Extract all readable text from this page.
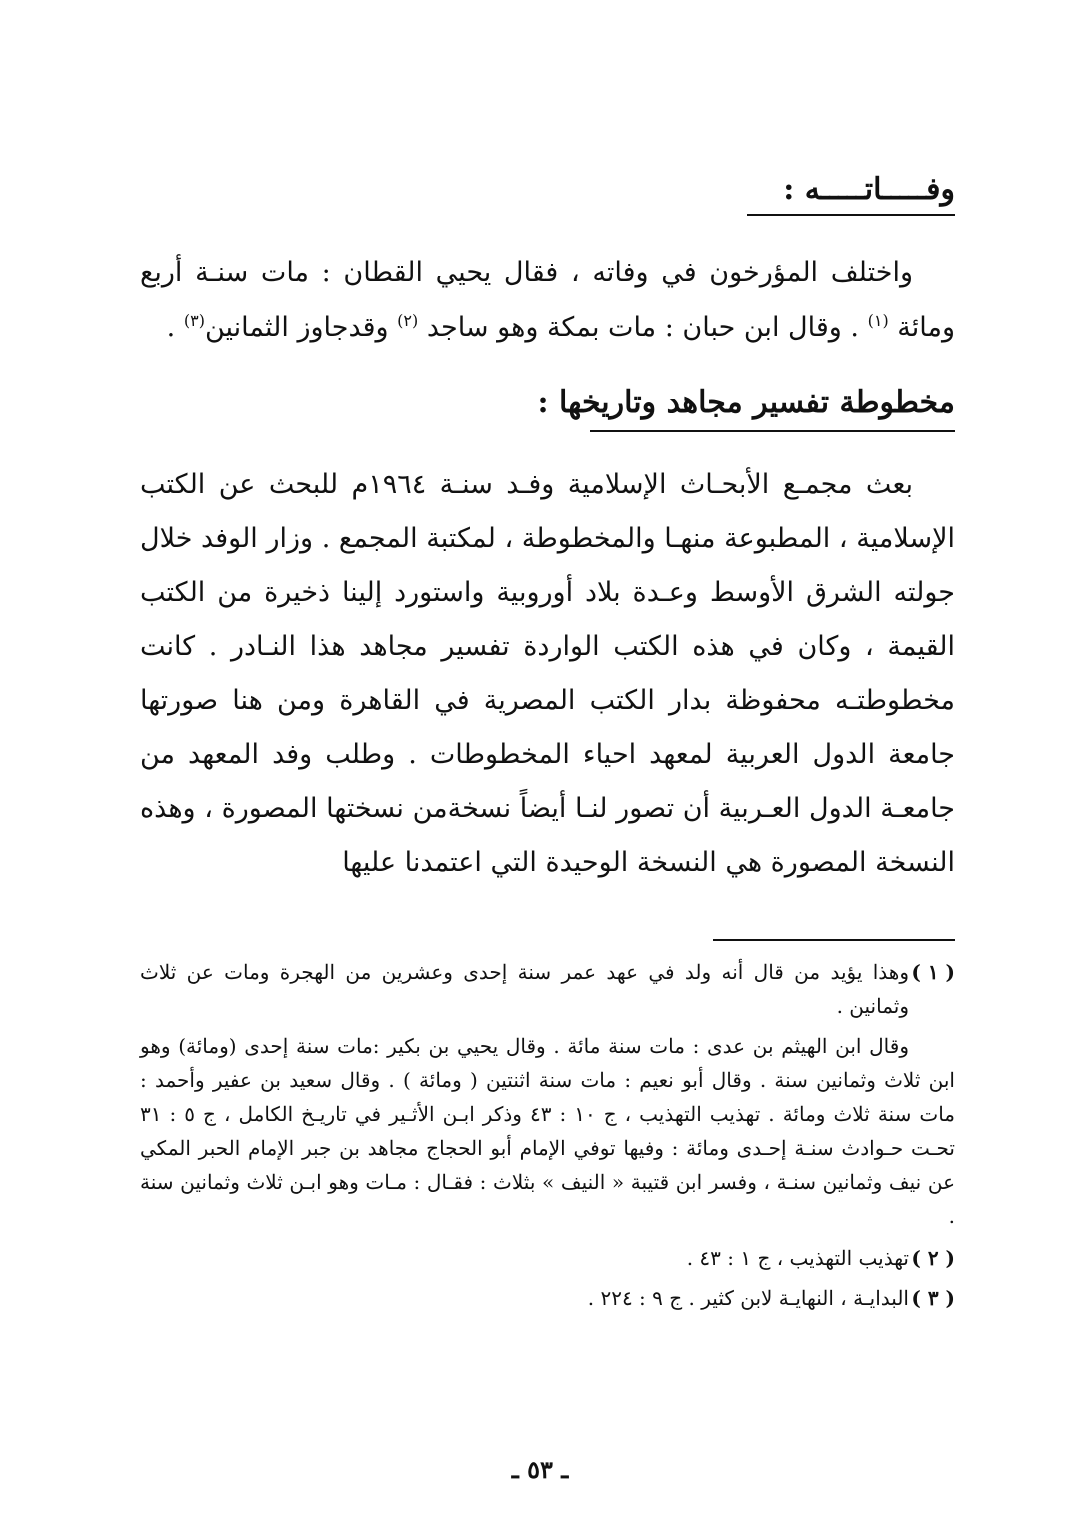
وفـــــاتـــــه :
واختلف المؤرخون في وفاته ، فقال يحيي القطان : مات سنـة أربع ومائة $^{(١)}$ . وقال ابن حبان : مات بمكة وهو ساجد $^{(٢)}$ وقدجاوز الثمانين$^{(٣)}$ .
مخطوطة تفسير مجاهد وتاريخها :
بعث مجمـع الأبحـاث الإسلامية وفـد سنـة ١٩٦٤م للبحث عن الكتب الإسلامية ، المطبوعة منهـا والمخطوطة ، لمكتبة المجمع . وزار الوفد خلال جولته الشرق الأوسط وعـدة بلاد أوروبية واستورد إلينا ذخيرة من الكتب القيمة ، وكان في هذه الكتب الواردة تفسير مجاهد هذا النـادر . كانت مخطوطتـه محفوظة بدار الكتب المصرية في القاهرة ومن هنا صورتها جامعة الدول العربية لمعهد احياء المخطوطات . وطلب وفد المعهد من جامعـة الدول العـربية أن تصور لنـا أيضاً نسخةمن نسختها المصورة ، وهذه النسخة المصورة هي النسخة الوحيدة التي اعتمدنا عليها
( ١ )
وهذا يؤيد من قال أنه ولد في عهد عمر سنة إحدى وعشرين من الهجرة ومات عن ثلاث وثمانين .
وقال ابن الهيثم بن عدى : مات سنة مائة . وقال يحيي بن بكير :مات سنة إحدى (ومائة) وهو ابن ثلاث وثمانين سنة . وقال أبو نعيم : مات سنة اثنتين ( ومائة ) . وقال سعيد بن عفير وأحمد : مات سنة ثلاث ومائة . تهذيب التهذيب ، ج ١٠ : ٤٣ وذكر ابـن الأثـير في تاريـخ الكامل ، ج ٥ : ٣١ تحـت حـوادث سنـة إحـدى ومائة : وفيها توفي الإمام أبو الحجاج مجاهد بن جبر الإمام الحبر المكي عن نيف وثمانين سنـة ، وفسر ابن قتيبة « النيف » بثلاث : فقـال : مـات وهو ابـن ثلاث وثمانين سنة .
( ٢ )
تهذيب التهذيب ، ج ١ : ٤٣ .
( ٣ )
البدايـة ، النهايـة لابن كثير . ج ٩ : ٢٢٤ .
ـ ٥٣ ـ
